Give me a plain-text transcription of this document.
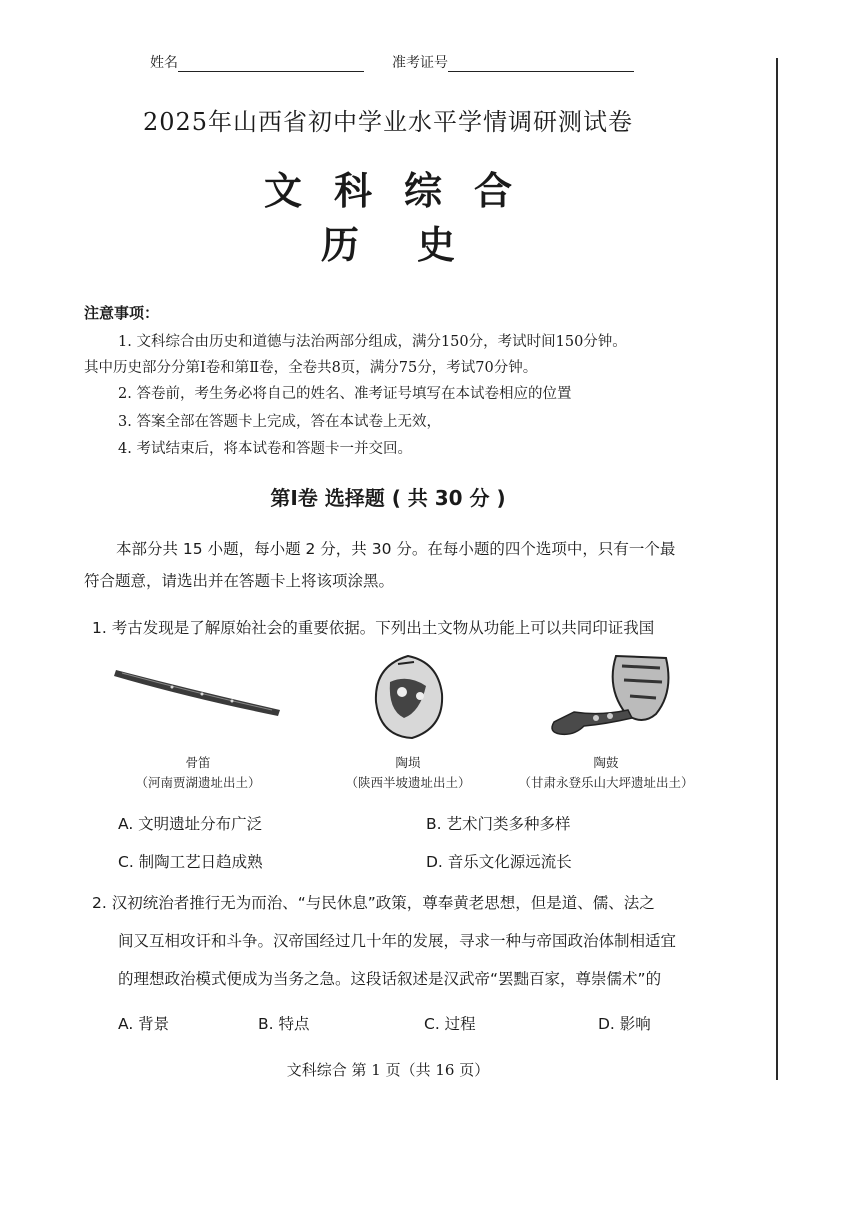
姓名	准考证号
2025年山西省初中学业水平学情调研测试卷
文科综合
历史
注意事项：
1. 文科综合由历史和道德与法治两部分组成，满分150分，考试时间150分钟。
其中历史部分分第Ⅰ卷和第Ⅱ卷，全卷共8页，满分75分，考试70分钟。
2. 答卷前，考生务必将自己的姓名、准考证号填写在本试卷相应的位置
3. 答案全部在答题卡上完成，答在本试卷上无效，
4. 考试结束后，将本试卷和答题卡一并交回。
第Ⅰ卷 选择题 ( 共 30 分 )
本部分共 15 小题，每小题 2 分，共 30 分。在每小题的四个选项中，只有一个最
符合题意，请选出并在答题卡上将该项涂黑。
1. 考古发现是了解原始社会的重要依据。下列出土文物从功能上可以共同印证我国
骨笛
（河南贾湖遗址出土）
陶埙
（陕西半坡遗址出土）
陶鼓
（甘肃永登乐山大坪遗址出土）
A. 文明遗址分布广泛	B. 艺术门类多种多样
C. 制陶工艺日趋成熟	D. 音乐文化源远流长
2. 汉初统治者推行无为而治、“与民休息”政策，尊奉黄老思想，但是道、儒、法之
间又互相攻讦和斗争。汉帝国经过几十年的发展，寻求一种与帝国政治体制相适宜
的理想政治模式便成为当务之急。这段话叙述是汉武帝“罢黜百家，尊崇儒术”的
A. 背景	B. 特点	C. 过程	D. 影响
文科综合 第 1 页（共 16 页）
